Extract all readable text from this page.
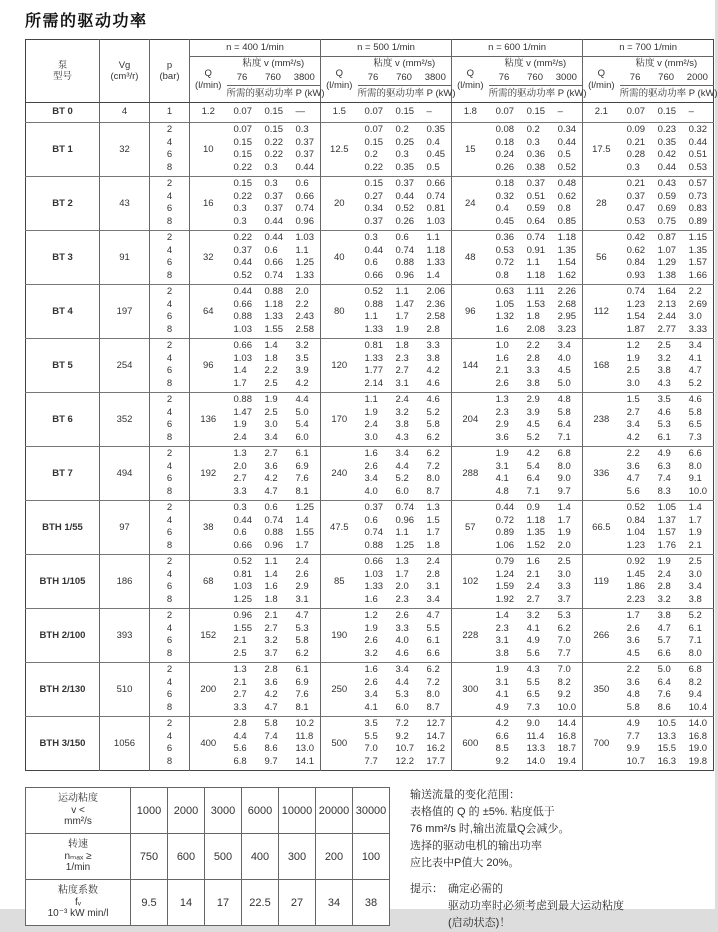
所需的驱动功率
泵
型号

Vg
(cm³/r)

p
(bar)
	n = 400 1/min	n = 500 1/min	n = 600 1/min	n = 700 1/min

Q
(l/min)
	粘度 v (mm²/s)	
Q
(l/min)
	粘度 v (mm²/s)	
Q
(l/min)
	粘度 v (mm²/s)	
Q
(l/min)
	粘度 v (mm²/s)
				76	760	3800		76	760	3800		76	760	3000		76	760	2000
				所需的驱动功率 P (kW)				所需的驱动功率 P (kW)				所需的驱动功率 P (kW)				所需的驱动功率 P (kW)		
BT 0	4	1	1.2	0.07	0.15	—	1.5	0.07	0.15	–	1.8	0.07	0.15	–	2.1	0.07	0.15	–
BT 1	32	2	10	0.07	0.15	0.3	12.5	0.07	0.2	0.35	15	0.08	0.2	0.34	17.5	0.09	0.23	0.32
		4		0.15	0.22	0.37		0.15	0.25	0.4		0.18	0.3	0.44		0.21	0.35	0.44
		6		0.15	0.22	0.37		0.2	0.3	0.45		0.24	0.36	0.5		0.28	0.42	0.51
		8		0.22	0.3	0.44		0.22	0.35	0.5		0.26	0.38	0.52		0.3	0.44	0.53
BT 2	43	2	16	0.15	0.3	0.6	20	0.15	0.37	0.66	24	0.18	0.37	0.48	28	0.21	0.43	0.57
		4		0.22	0.37	0.66		0.27	0.44	0.74		0.32	0.51	0.62		0.37	0.59	0.73
		6		0.3	0.37	0.74		0.34	0.52	0.81		0.4	0.59	0.8		0.47	0.69	0.83
		8		0.3	0.44	0.96		0.37	0.26	1.03		0.45	0.64	0.85		0.53	0.75	0.89
BT 3	91	2	32	0.22	0.44	1.03	40	0.3	0.6	1.1	48	0.36	0.74	1.18	56	0.42	0.87	1.15
		4		0.37	0.6	1.1		0.44	0.74	1.18		0.53	0.91	1.35		0.62	1.07	1.35
		6		0.44	0.66	1.25		0.6	0.88	1.33		0.72	1.1	1.54		0.84	1.29	1.57
		8		0.52	0.74	1.33		0.66	0.96	1.4		0.8	1.18	1.62		0.93	1.38	1.66
BT 4	197	2	64	0.44	0.88	2.0	80	0.52	1.1	2.06	96	0.63	1.11	2.26	112	0.74	1.64	2.2
		4		0.66	1.18	2.2		0.88	1.47	2.36		1.05	1.53	2.68		1.23	2.13	2.69
		6		0.88	1.33	2.43		1.1	1.7	2.58		1.32	1.8	2.95		1.54	2.44	3.0
		8		1.03	1.55	2.58		1.33	1.9	2.8		1.6	2.08	3.23		1.87	2.77	3.33
BT 5	254	2	96	0.66	1.4	3.2	120	0.81	1.8	3.3	144	1.0	2.2	3.4	168	1.2	2.5	3.4
		4		1.03	1.8	3.5		1.33	2.3	3.8		1.6	2.8	4.0		1.9	3.2	4.1
		6		1.4	2.2	3.9		1.77	2.7	4.2		2.1	3.3	4.5		2.5	3.8	4.7
		8		1.7	2.5	4.2		2.14	3.1	4.6		2.6	3.8	5.0		3.0	4.3	5.2
BT 6	352	2	136	0.88	1.9	4.4	170	1.1	2.4	4.6	204	1.3	2.9	4.8	238	1.5	3.5	4.6
		4		1.47	2.5	5.0		1.9	3.2	5.2		2.3	3.9	5.8		2.7	4.6	5.8
		6		1.9	3.0	5.4		2.4	3.8	5.8		2.9	4.5	6.4		3.4	5.3	6.5
		8		2.4	3.4	6.0		3.0	4.3	6.2		3.6	5.2	7.1		4.2	6.1	7.3
BT 7	494	2	192	1.3	2.7	6.1	240	1.6	3.4	6.2	288	1.9	4.2	6.8	336	2.2	4.9	6.6
		4		2.0	3.6	6.9		2.6	4.4	7.2		3.1	5.4	8.0		3.6	6.3	8.0
		6		2.7	4.2	7.6		3.4	5.2	8.0		4.1	6.4	9.0		4.7	7.4	9.1
		8		3.3	4.7	8.1		4.0	6.0	8.7		4.8	7.1	9.7		5.6	8.3	10.0
BTH 1/55	97	2	38	0.3	0.6	1.25	47.5	0.37	0.74	1.3	57	0.44	0.9	1.4	66.5	0.52	1.05	1.4
		4		0.44	0.74	1.4		0.6	0.96	1.5		0.72	1.18	1.7		0.84	1.37	1.7
		6		0.6	0.88	1.55		0.74	1.1	1.7		0.89	1.35	1.9		1.04	1.57	1.9
		8		0.66	0.96	1.7		0.88	1.25	1.8		1.06	1.52	2.0		1.23	1.76	2.1
BTH 1/105	186	2	68	0.52	1.1	2.4	85	0.66	1.3	2.4	102	0.79	1.6	2.5	119	0.92	1.9	2.5
		4		0.81	1.4	2.6		1.03	1.7	2.8		1.24	2.1	3.0		1.45	2.4	3.0
		6		1.03	1.6	2.9		1.33	2.0	3.1		1.59	2.4	3.3		1.86	2.8	3.4
		8		1.25	1.8	3.1		1.6	2.3	3.4		1.92	2.7	3.7		2.23	3.2	3.8
BTH 2/100	393	2	152	0.96	2.1	4.7	190	1.2	2.6	4.7	228	1.4	3.2	5.3	266	1.7	3.8	5.2
		4		1.55	2.7	5.3		1.9	3.3	5.5		2.3	4.1	6.2		2.6	4.7	6.1
		6		2.1	3.2	5.8		2.6	4.0	6.1		3.1	4.9	7.0		3.6	5.7	7.1
		8		2.5	3.7	6.2		3.2	4.6	6.6		3.8	5.6	7.7		4.5	6.6	8.0
BTH 2/130	510	2	200	1.3	2.8	6.1	250	1.6	3.4	6.2	300	1.9	4.3	7.0	350	2.2	5.0	6.8
		4		2.1	3.6	6.9		2.6	4.4	7.2		3.1	5.5	8.2		3.6	6.4	8.2
		6		2.7	4.2	7.6		3.4	5.3	8.0		4.1	6.5	9.2		4.8	7.6	9.4
		8		3.3	4.7	8.1		4.1	6.0	8.7		4.9	7.3	10.0		5.8	8.6	10.4
BTH 3/150	1056	2	400	2.8	5.8	10.2	500	3.5	7.2	12.7	600	4.2	9.0	14.4	700	4.9	10.5	14.0
		4		4.4	7.4	11.8		5.5	9.2	14.7		6.6	11.4	16.8		7.7	13.3	16.8
		6		5.6	8.6	13.0		7.0	10.7	16.2		8.5	13.3	18.7		9.9	15.5	19.0
		8		6.8	9.7	14.1		7.7	12.2	17.7		9.2	14.0	19.4		10.7	16.3	19.8
运动粘度
v <
mm²/s	1000	2000	3000	6000	10000	20000	30000

转速
nₘₐₓ ≥
1/min	750	600	500	400	300	200	100

粘度系数
fᵥ
10⁻³ kW min/l	9.5	14	17	22.5	27	34	38
输送流量的变化范围：
表格值的 Q 的 ±5%. 粘度低于
76 mm²/s 时,输出流量Q会减少。
选择的驱动电机的输出功率
应比表中P值大 20%。
提示： 确定必需的
驱动功率时必须考虑到最大运动粘度
(启动状态)！
